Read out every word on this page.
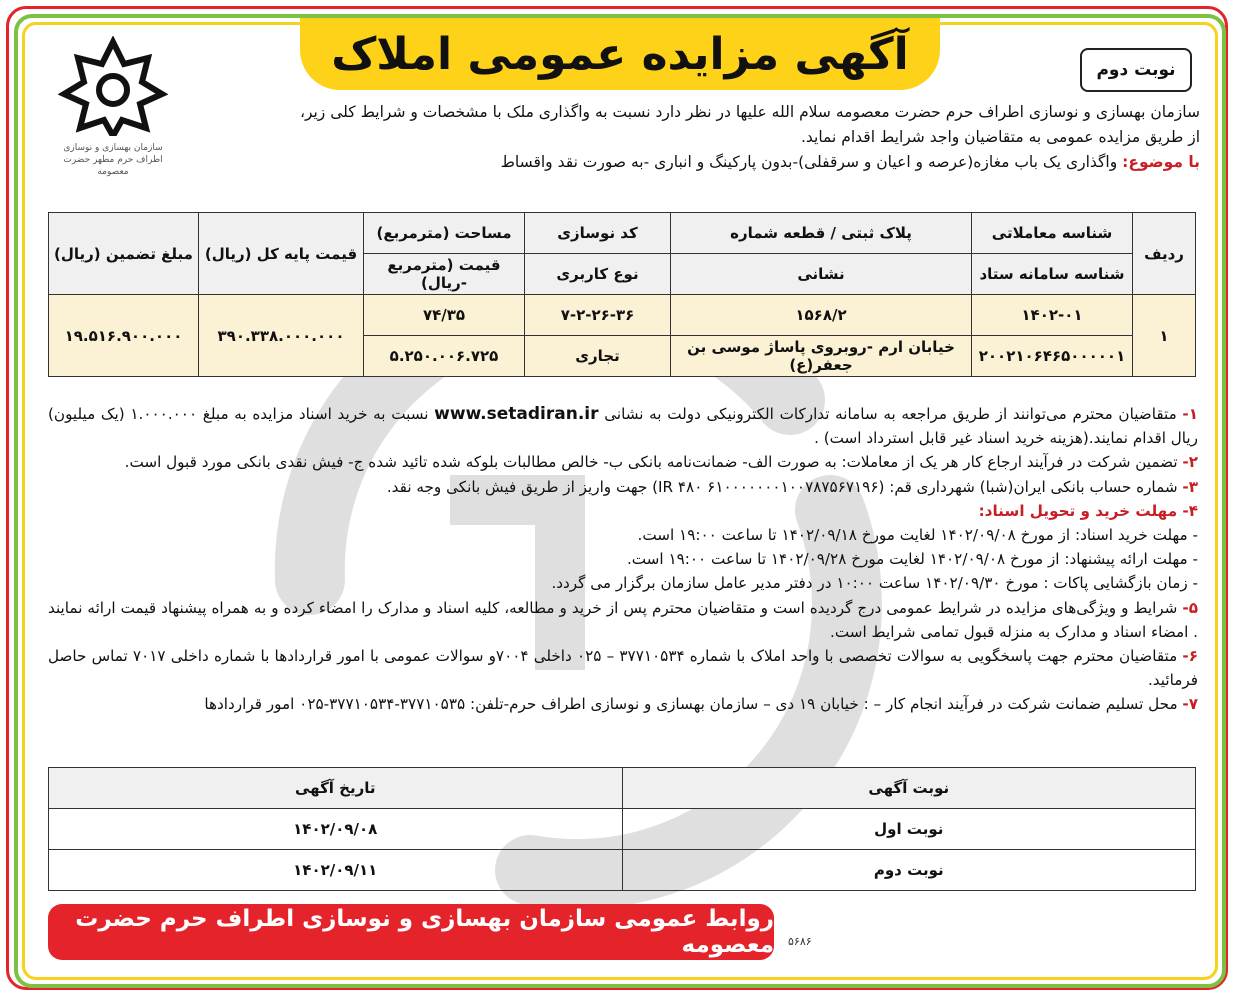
آگهی مزایده عمومی املاک	نوبت دوم
سازمان بهسازی و نوسازی اطراف حرم مطهر حضرت معصومه
سازمان بهسازی و نوسازی اطراف حرم حضرت معصومه سلام الله علیها در نظر دارد نسبت به واگذاری ملک با مشخصات و شرایط کلی زیر،
از طریق مزایده عمومی به متقاضیان واجد شرایط اقدام نماید.
با موضوع: واگذاری یک باب مغازه(عرصه و اعیان و سرقفلی)-بدون پارکینگ و انباری -به صورت نقد واقساط
ردیف	شناسه معاملاتی	پلاک ثبتی / قطعه شماره	کد نوسازی	مساحت (مترمربع)	قیمت پایه کل (ریال)	مبلغ تضمین (ریال)
	شناسه سامانه ستاد	نشانی	نوع کاربری	قیمت (مترمربع -ریال)		
۱	۱۴۰۲-۰۱	۱۵۶۸/۲	۷-۲-۲۶-۳۶	۷۴/۳۵	۳۹۰.۳۳۸.۰۰۰.۰۰۰	۱۹.۵۱۶.۹۰۰.۰۰۰
	۲۰۰۲۱۰۶۴۶۵۰۰۰۰۰۱	خیابان ارم -روبروی پاساژ موسی بن جعفر(ع)	تجاری	۵.۲۵۰.۰۰۶.۷۲۵		

۱- متقاضیان محترم می‌توانند از طریق مراجعه به سامانه تدارکات الکترونیکی دولت به نشانی www.setadiran.ir نسبت به خرید اسناد مزایده به مبلغ ۱.۰۰۰.۰۰۰ (یک میلیون) ریال اقدام نمایند.(هزینه خرید اسناد غیر قابل استرداد است) .

۲- تضمین شرکت در فرآیند ارجاع کار هر یک از معاملات: به صورت الف- ضمانت‌نامه بانکی ب- خالص مطالبات بلوکه شده تائید شده ج- فیش نقدی بانکی مورد قبول است.

۳- شماره حساب بانکی ایران(شبا) شهرداری قم: (IR ۴۸۰ ۶۱۰۰۰۰۰۰۰۱۰۰۷۸۷۵۶۷۱۹۶) جهت واریز از طریق فیش بانکی وجه نقد.

۴- مهلت خرید و تحویل اسناد:

- مهلت خرید اسناد: از مورخ ۱۴۰۲/۰۹/۰۸ لغایت مورخ ۱۴۰۲/۰۹/۱۸ تا ساعت ۱۹:۰۰ است.

- مهلت ارائه پیشنهاد: از مورخ ۱۴۰۲/۰۹/۰۸ لغایت مورخ ۱۴۰۲/۰۹/۲۸ تا ساعت ۱۹:۰۰ است.

- زمان بازگشایی پاکات : مورخ ۱۴۰۲/۰۹/۳۰ ساعت ۱۰:۰۰ در دفتر مدیر عامل سازمان برگزار می گردد.

۵- شرایط و ویژگی‌های مزایده در شرایط عمومی درج گردیده است و متقاضیان محترم پس از خرید و مطالعه، کلیه اسناد و مدارک را امضاء کرده و به همراه پیشنهاد قیمت ارائه نمایند . امضاء اسناد و مدارک به منزله قبول تمامی شرایط است.

۶- متقاضیان محترم جهت پاسخگویی به سوالات تخصصی با واحد املاک با شماره ۳۷۷۱۰۵۳۴ – ۰۲۵ داخلی ۷۰۰۴و سوالات عمومی با امور قراردادها با شماره داخلی ۷۰۱۷ تماس حاصل فرمائید.

۷- محل تسلیم ضمانت شرکت در فرآیند انجام کار – : خیابان ۱۹ دی – سازمان بهسازی و نوسازی اطراف حرم-تلفن: ۳۷۷۱۰۵۳۵-۳۷۷۱۰۵۳۴-۰۲۵ امور قراردادها

نوبت آگهی	تاریخ آگهی
نوبت اول	۱۴۰۲/۰۹/۰۸
نوبت دوم	۱۴۰۲/۰۹/۱۱
روابط عمومی سازمان بهسازی و نوسازی اطراف حرم حضرت معصومه ۵۶۸۶
